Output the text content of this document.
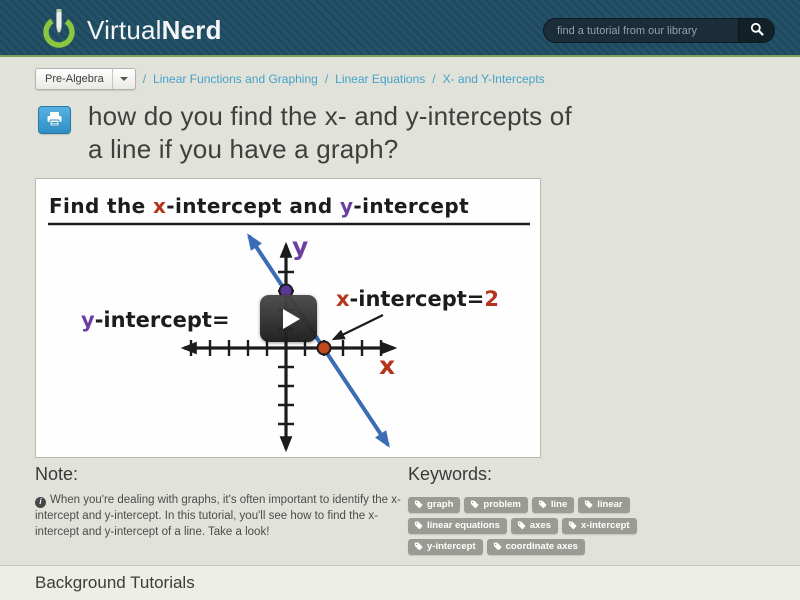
VirtualNerd
find a tutorial from our library
Pre-Algebra	/ Linear Functions and Graphing / Linear Equations / X- and Y-Intercepts
how do you find the x- and y-intercepts of
a line if you have a graph?
Find the x-intercept and y-intercept
y
x
x-intercept=2
y-intercept=
Note:

i When you're dealing with graphs, it's often important to identify the x-intercept and y-intercept. In this tutorial, you'll see how to find the x-intercept and y-intercept of a line. Take a look!

Keywords:
graph	problem	line	linear
linear equations	axes	x-intercept
y-intercept	coordinate axes
Background Tutorials
